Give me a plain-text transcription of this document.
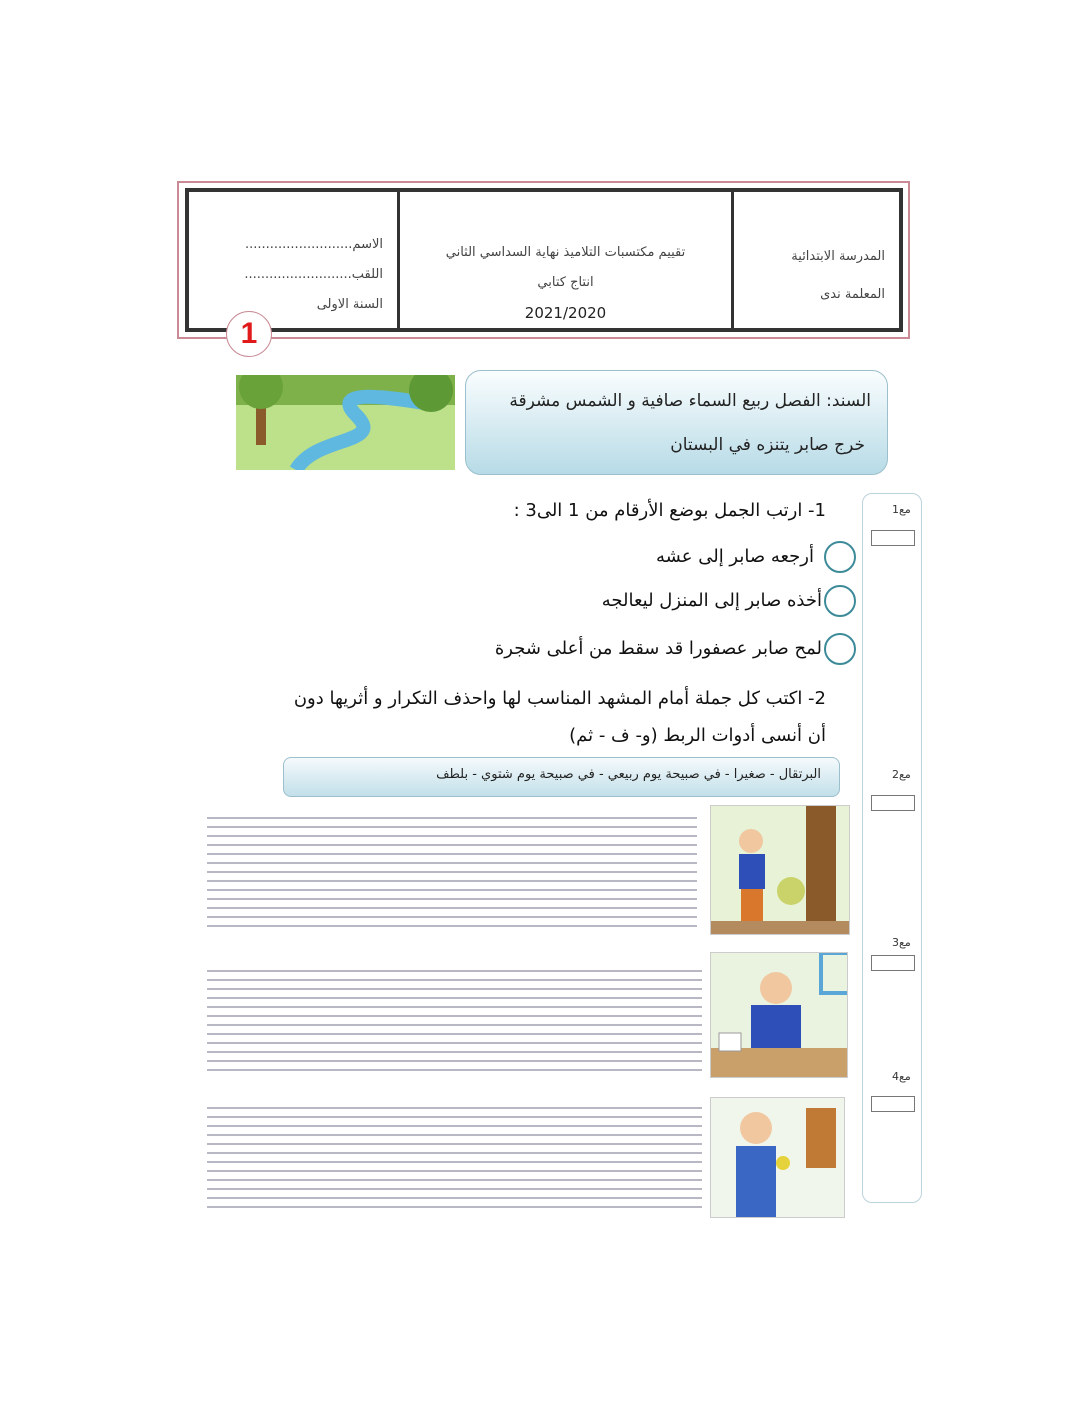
المدرسة الابتدائية
المعلمة ندى
تقييم مكتسبات التلاميذ نهاية السداسي الثاني
انتاج كتابي
2021/2020
الاسم..........................
اللقب..........................
السنة الاولى
1
السند: الفصل ربيع السماء صافية و الشمس مشرقة
خرج صابر يتنزه في البستان
1- ارتب الجمل بوضع الأرقام من 1 الى3 :
أرجعه صابر إلى عشه
أخذه صابر إلى المنزل ليعالجه
لمح صابر عصفورا قد سقط من أعلى شجرة
2- اكتب كل جملة أمام المشهد المناسب لها واحذف التكرار و أثريها دون
أن أنسى أدوات الربط (و- ف - ثم)
البرتقال - صغيرا - في صبيحة يوم ربيعي - في صبيحة يوم شتوي - بلطف
مع1
مع2
مع3
مع4
